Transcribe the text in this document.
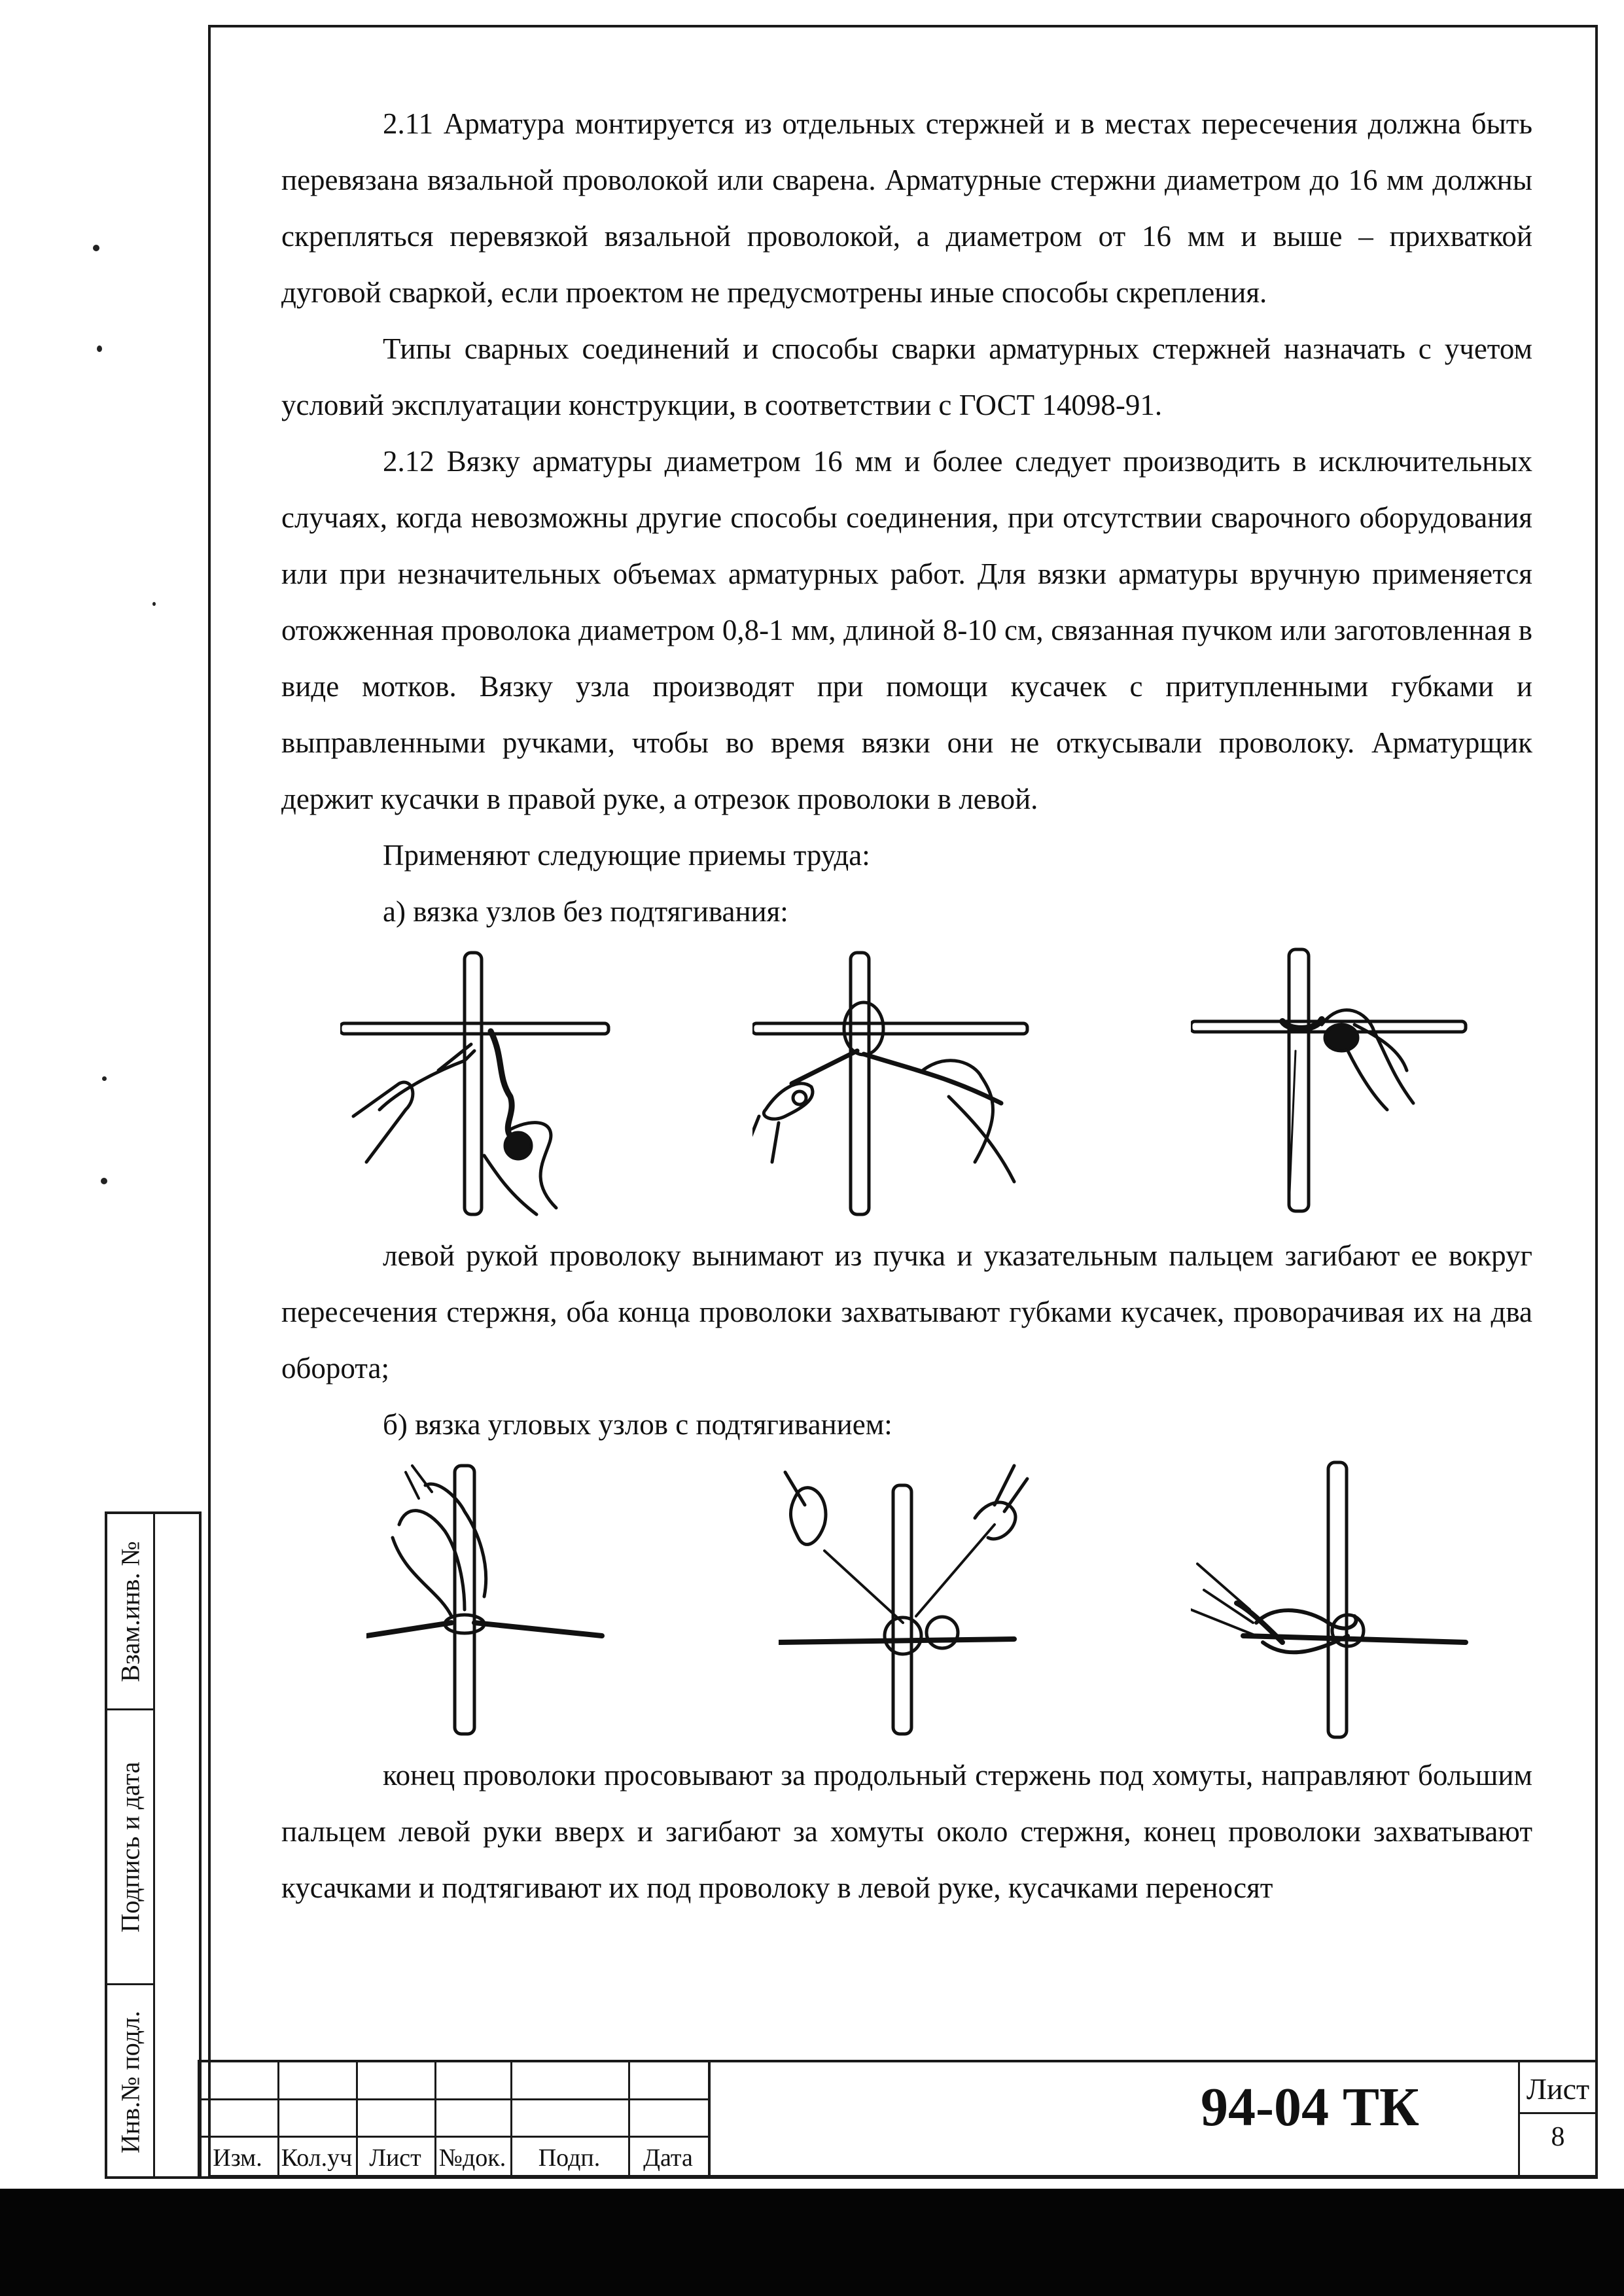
2.11 Арматура монтируется из отдельных стержней и в местах пересечения должна быть перевязана вязальной проволокой или сварена. Арматурные стержни диаметром до 16 мм должны скрепляться перевязкой вязальной проволокой, а диаметром от 16 мм и выше – прихваткой дуговой сваркой, если проектом не предусмотрены иные способы скрепления.

Типы сварных соединений и способы сварки арматурных стержней назначать с учетом условий эксплуатации конструкции, в соответствии с ГОСТ 14098-91.

2.12 Вязку арматуры диаметром 16 мм и более следует производить в исключительных случаях, когда невозможны другие способы соединения, при отсутствии сварочного оборудования или при незначительных объемах арматурных работ. Для вязки арматуры вручную применяется отожженная проволока диаметром 0,8-1 мм, длиной 8-10 см, связанная пучком или заготовленная в виде мотков. Вязку узла производят при помощи кусачек с притупленными губками и выправленными ручками, чтобы во время вязки они не откусывали проволоку. Арматурщик держит кусачки в правой руке, а отрезок проволоки в левой.

Применяют следующие приемы труда:

а) вязка узлов без подтягивания:

левой рукой проволоку вынимают из пучка и указательным пальцем загибают ее вокруг пересечения стержня, оба конца проволоки захватывают губками кусачек, проворачивая их на два оборота;

б) вязка угловых узлов с подтягиванием:

конец проволоки просовывают за продольный стержень под хомуты, направляют большим пальцем левой руки вверх и загибают за хомуты около стержня, конец проволоки захватывают кусачками и подтягивают их под проволоку в левой руке, кусачками переносят

Взам.инв. №
Подпись и дата
Инв.№ подл.
Изм. Кол.уч Лист №док.	Подп.	Дата
94-04 ТК	Лист
8
